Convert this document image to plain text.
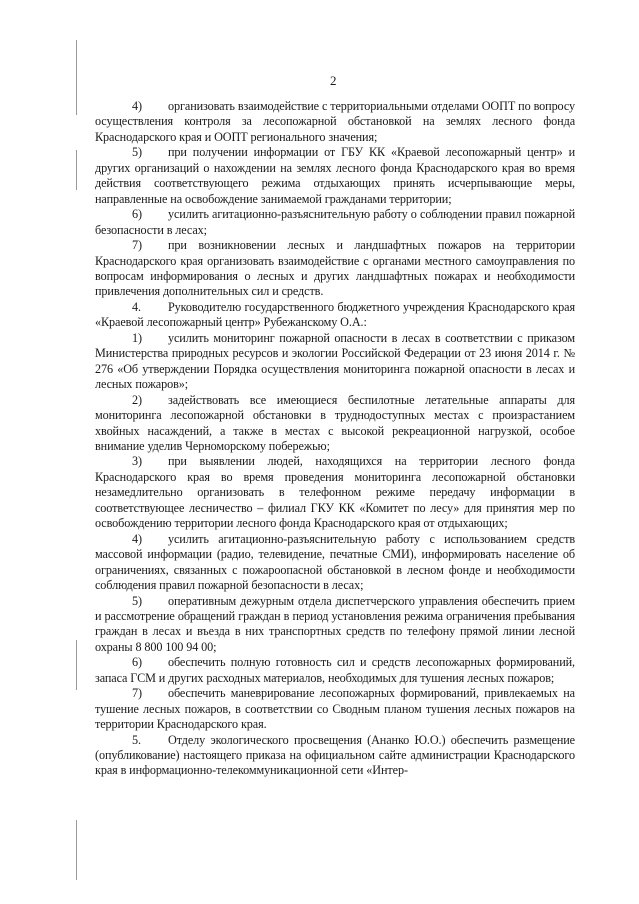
2

4) организовать взаимодействие с территориальными отделами ООПТ по вопросу осуществления контроля за лесопожарной обстановкой на землях лесного фонда Краснодарского края и ООПТ регионального значения;

5) при получении информации от ГБУ КК «Краевой лесопожарный центр» и других организаций о нахождении на землях лесного фонда Краснодарского края во время действия соответствующего режима отдыхающих принять исчерпывающие меры, направленные на освобождение занимаемой гражданами территории;

6) усилить агитационно-разъяснительную работу о соблюдении правил пожарной безопасности в лесах;

7) при возникновении лесных и ландшафтных пожаров на территории Краснодарского края организовать взаимодействие с органами местного самоуправления по вопросам информирования о лесных и других ландшафтных пожарах и необходимости привлечения дополнительных сил и средств.

4. Руководителю государственного бюджетного учреждения Краснодарского края «Краевой лесопожарный центр» Рубежанскому О.А.:

1) усилить мониторинг пожарной опасности в лесах в соответствии с приказом Министерства природных ресурсов и экологии Российской Федерации от 23 июня 2014 г. № 276 «Об утверждении Порядка осуществления мониторинга пожарной опасности в лесах и лесных пожаров»;

2) задействовать все имеющиеся беспилотные летательные аппараты для мониторинга лесопожарной обстановки в труднодоступных местах с произрастанием хвойных насаждений, а также в местах с высокой рекреационной нагрузкой, особое внимание уделив Черноморскому побережью;

3) при выявлении людей, находящихся на территории лесного фонда Краснодарского края во время проведения мониторинга лесопожарной обстановки незамедлительно организовать в телефонном режиме передачу информации в соответствующее лесничество – филиал ГКУ КК «Комитет по лесу» для принятия мер по освобождению территории лесного фонда Краснодарского края от отдыхающих;

4) усилить агитационно-разъяснительную работу с использованием средств массовой информации (радио, телевидение, печатные СМИ), информировать население об ограничениях, связанных с пожароопасной обстановкой в лесном фонде и необходимости соблюдения правил пожарной безопасности в лесах;

5) оперативным дежурным отдела диспетчерского управления обеспечить прием и рассмотрение обращений граждан в период установления режима ограничения пребывания граждан в лесах и въезда в них транспортных средств по телефону прямой линии лесной охраны 8 800 100 94 00;

6) обеспечить полную готовность сил и средств лесопожарных формирований, запаса ГСМ и других расходных материалов, необходимых для тушения лесных пожаров;

7) обеспечить маневрирование лесопожарных формирований, привлекаемых на тушение лесных пожаров, в соответствии со Сводным планом тушения лесных пожаров на территории Краснодарского края.

5. Отделу экологического просвещения (Ананко Ю.О.) обеспечить размещение (опубликование) настоящего приказа на официальном сайте администрации Краснодарского края в информационно-телекоммуникационной сети «Интер-
